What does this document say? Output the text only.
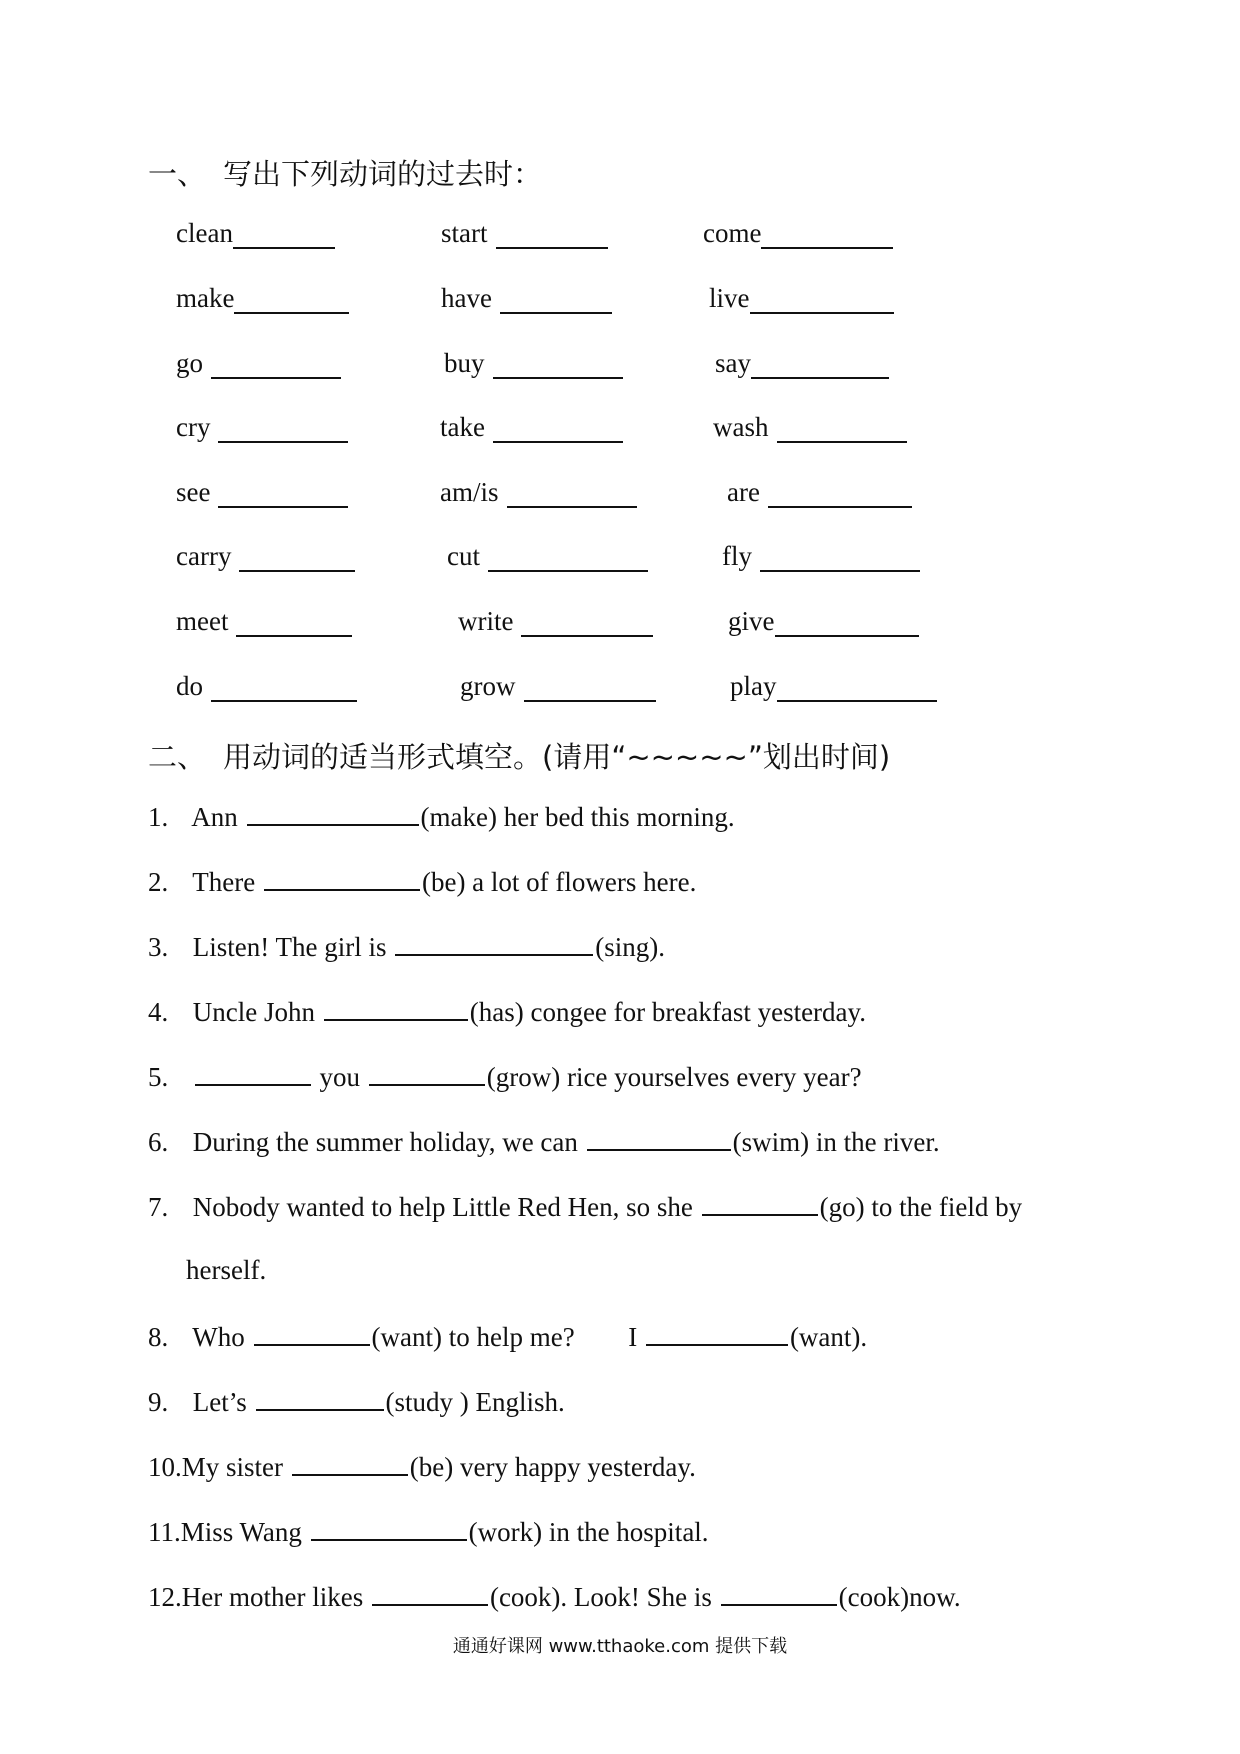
一、 写出下列动词的过去时：
clean	start	come
make	have	live
go	buy	say
cry	take	wash
see	am/is	are
carry	cut	fly
meet	write	give
do	grow	play
二、 用动词的适当形式填空。(请用“~~~~~”划出时间)
1. Ann	(make) her bed this morning.
2. There	(be) a lot of flowers here.
3. Listen! The girl is	(sing).
4. Uncle John	(has) congee for breakfast yesterday.
5.	you	(grow) rice yourselves every year?
6. During the summer holiday, we can	(swim) in the river.
7. Nobody wanted to help Little Red Hen, so she	(go) to the field by
herself.
8. Who	(want) to help me? I	(want).
9. Let’s	(study ) English.
10.My sister	(be) very happy yesterday.
11.Miss Wang	(work) in the hospital.
12.Her mother likes	(cook). Look! She is	(cook)now.
通通好课网 www.tthaoke.com 提供下载
